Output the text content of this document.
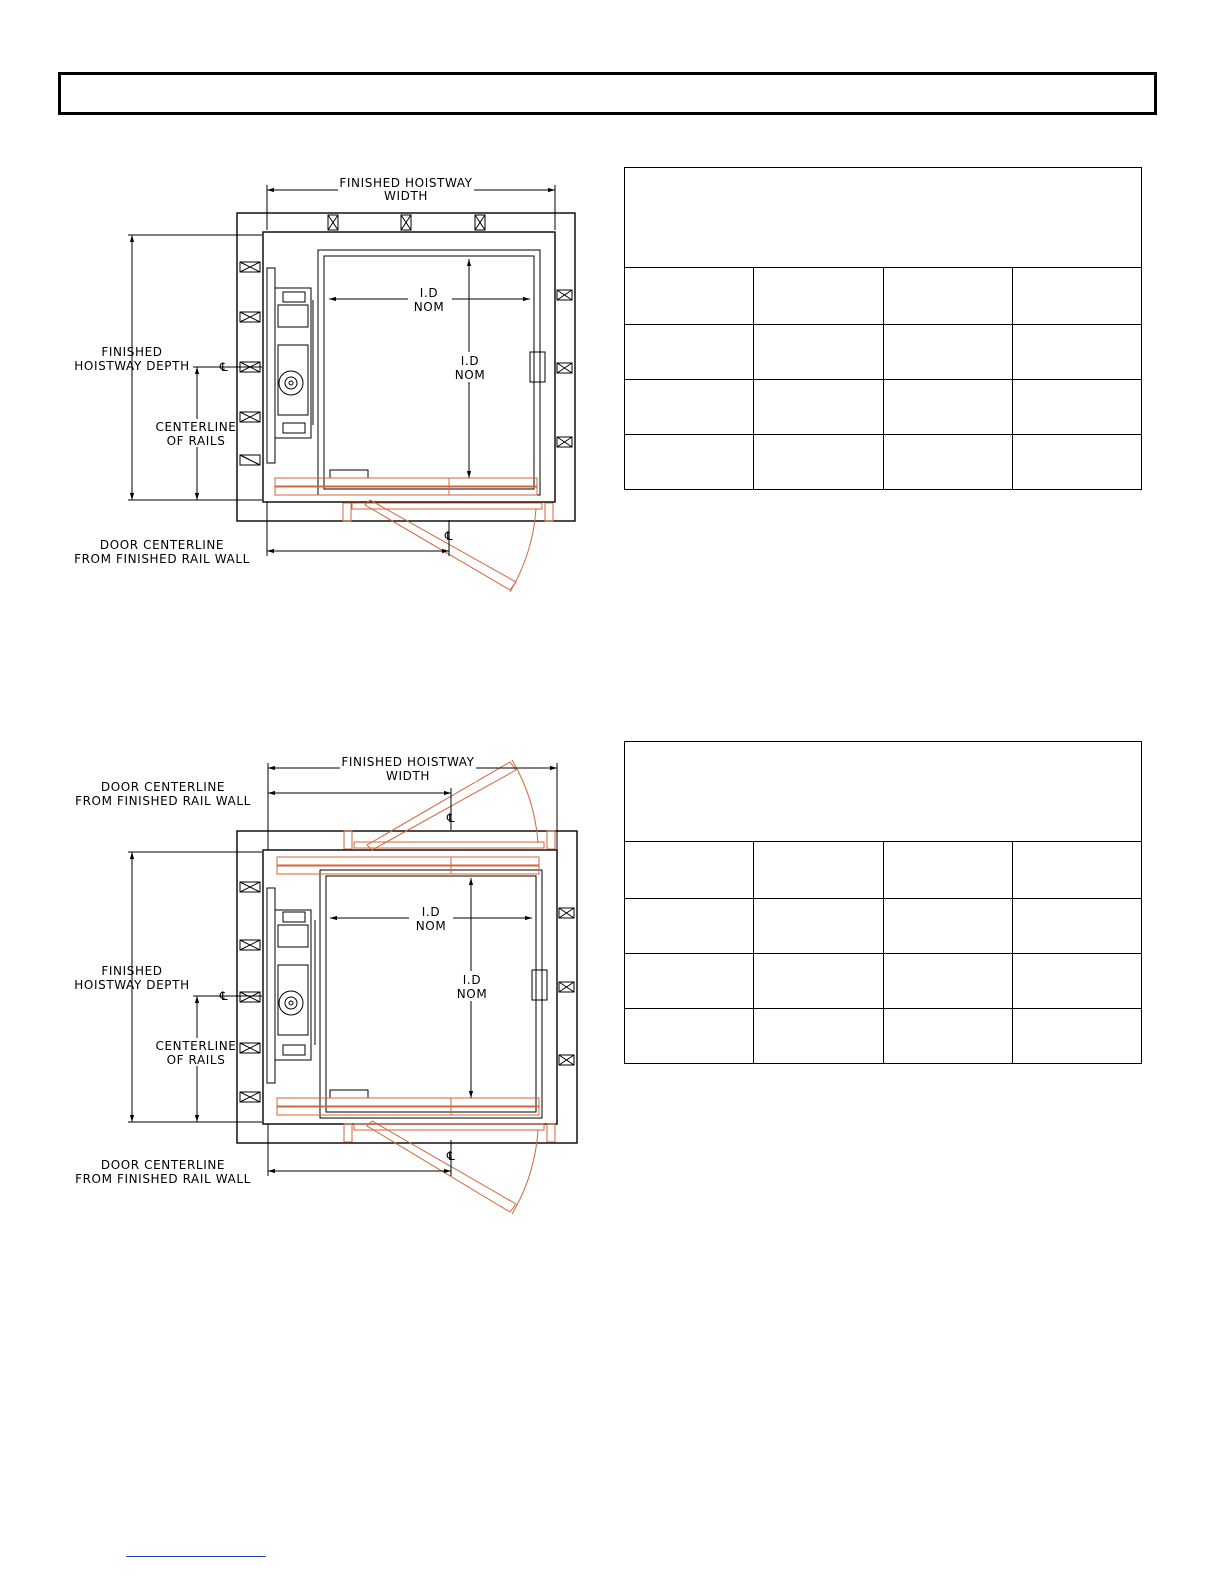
FINISHED HOISTWAY
WIDTH
FINISHED
HOISTWAY DEPTH	℄
I.D
NOM
I.D
NOM
CENTERLINE
OF RAILS
℄
DOOR CENTERLINE
FROM FINISHED RAIL WALL
FINISHED HOISTWAY
WIDTH
DOOR CENTERLINE
FROM FINISHED RAIL WALL
℄
FINISHED
HOISTWAY DEPTH
℄
I.D
NOM
I.D
NOM
CENTERLINE
OF RAILS
℄
DOOR CENTERLINE
FROM FINISHED RAIL WALL
